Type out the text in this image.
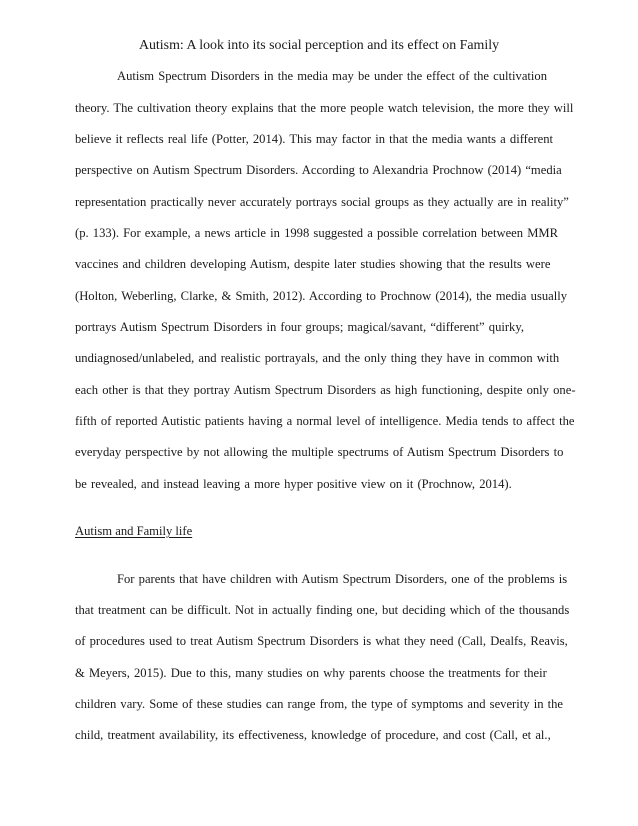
Autism: A look into its social perception and its effect on Family
Autism Spectrum Disorders in the media may be under the effect of the cultivation
theory. The cultivation theory explains that the more people watch television, the more they will
believe it reflects real life (Potter, 2014). This may factor in that the media wants a different
perspective on Autism Spectrum Disorders. According to Alexandria Prochnow (2014) “media
representation practically never accurately portrays social groups as they actually are in reality”
(p. 133). For example, a news article in 1998 suggested a possible correlation between MMR
vaccines and children developing Autism, despite later studies showing that the results were
(Holton, Weberling, Clarke, & Smith, 2012). According to Prochnow (2014), the media usually
portrays Autism Spectrum Disorders in four groups; magical/savant, “different” quirky,
undiagnosed/unlabeled, and realistic portrayals, and the only thing they have in common with
each other is that they portray Autism Spectrum Disorders as high functioning, despite only one-
fifth of reported Autistic patients having a normal level of intelligence. Media tends to affect the
everyday perspective by not allowing the multiple spectrums of Autism Spectrum Disorders to
be revealed, and instead leaving a more hyper positive view on it (Prochnow, 2014).
Autism and Family life
For parents that have children with Autism Spectrum Disorders, one of the problems is
that treatment can be difficult. Not in actually finding one, but deciding which of the thousands
of procedures used to treat Autism Spectrum Disorders is what they need (Call, Dealfs, Reavis,
& Meyers, 2015). Due to this, many studies on why parents choose the treatments for their
children vary. Some of these studies can range from, the type of symptoms and severity in the
child, treatment availability, its effectiveness, knowledge of procedure, and cost (Call, et al.,
